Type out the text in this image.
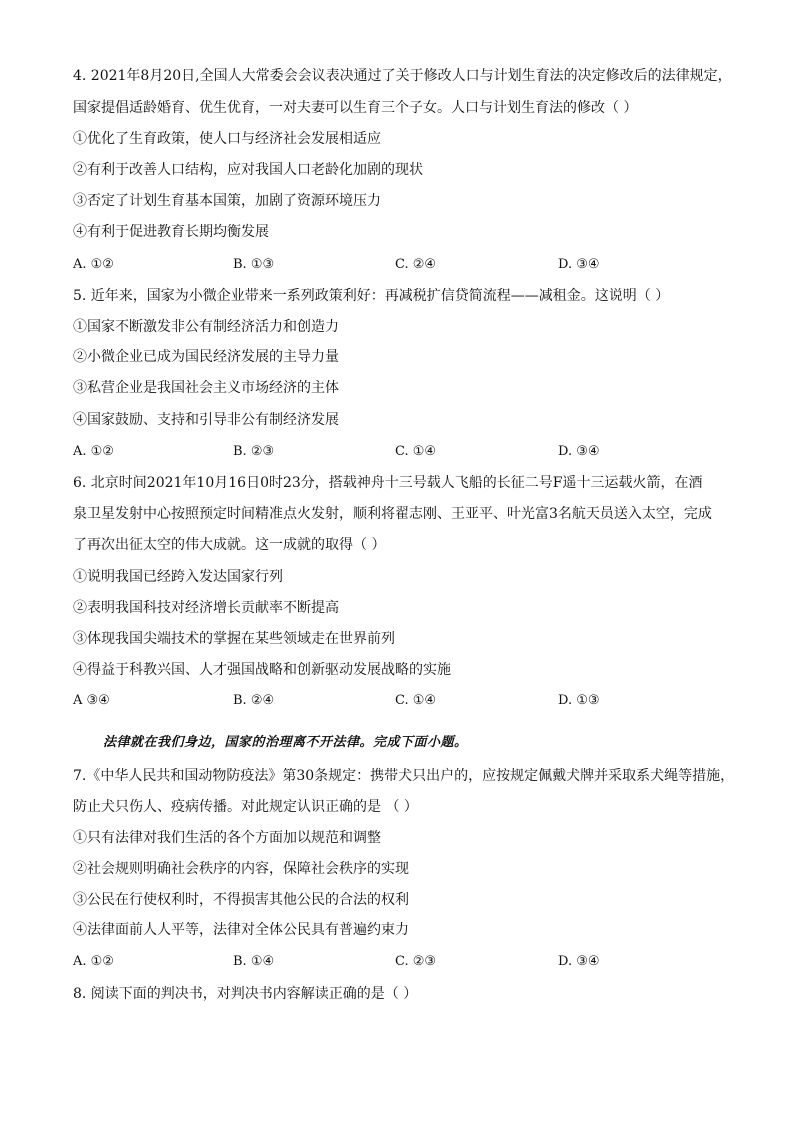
4. 2021年8月20日,全国人大常委会会议表决通过了关于修改人口与计划生育法的决定修改后的法律规定，
国家提倡适龄婚育、优生优育，一对夫妻可以生育三个子女。人口与计划生育法的修改（ ）
①优化了生育政策，使人口与经济社会发展相适应
②有利于改善人口结构，应对我国人口老龄化加剧的现状
③否定了计划生育基本国策，加剧了资源环境压力
④有利于促进教育长期均衡发展
A. ①②	B. ①③	C. ②④	D. ③④
5. 近年来，国家为小微企业带来一系列政策利好：再减税扩信贷简流程——减租金。这说明（ ）
①国家不断激发非公有制经济活力和创造力
②小微企业已成为国民经济发展的主导力量
③私营企业是我国社会主义市场经济的主体
④国家鼓励、支持和引导非公有制经济发展
A. ①②	B. ②③	C. ①④	D. ③④
6. 北京时间2021年10月16日0时23分，搭载神舟十三号载人飞船的长征二号F遥十三运载火箭，在酒
泉卫星发射中心按照预定时间精准点火发射，顺利将翟志刚、王亚平、叶光富3名航天员送入太空，完成
了再次出征太空的伟大成就。这一成就的取得（ ）
①说明我国已经跨入发达国家行列
②表明我国科技对经济增长贡献率不断提高
③体现我国尖端技术的掌握在某些领域走在世界前列
④得益于科教兴国、人才强国战略和创新驱动发展战略的实施
A ③④	B. ②④	C. ①④	D. ①③
法律就在我们身边，国家的治理离不开法律。完成下面小题。
7.《中华人民共和国动物防疫法》第30条规定：携带犬只出户的，应按规定佩戴犬牌并采取系犬绳等措施，
防止犬只伤人、疫病传播。对此规定认识正确的是 （ ）
①只有法律对我们生活的各个方面加以规范和调整
②社会规则明确社会秩序的内容，保障社会秩序的实现
③公民在行使权利时，不得损害其他公民的合法的权利
④法律面前人人平等，法律对全体公民具有普遍约束力
A. ①②	B. ①④	C. ②③	D. ③④
8. 阅读下面的判决书，对判决书内容解读正确的是（ ）
